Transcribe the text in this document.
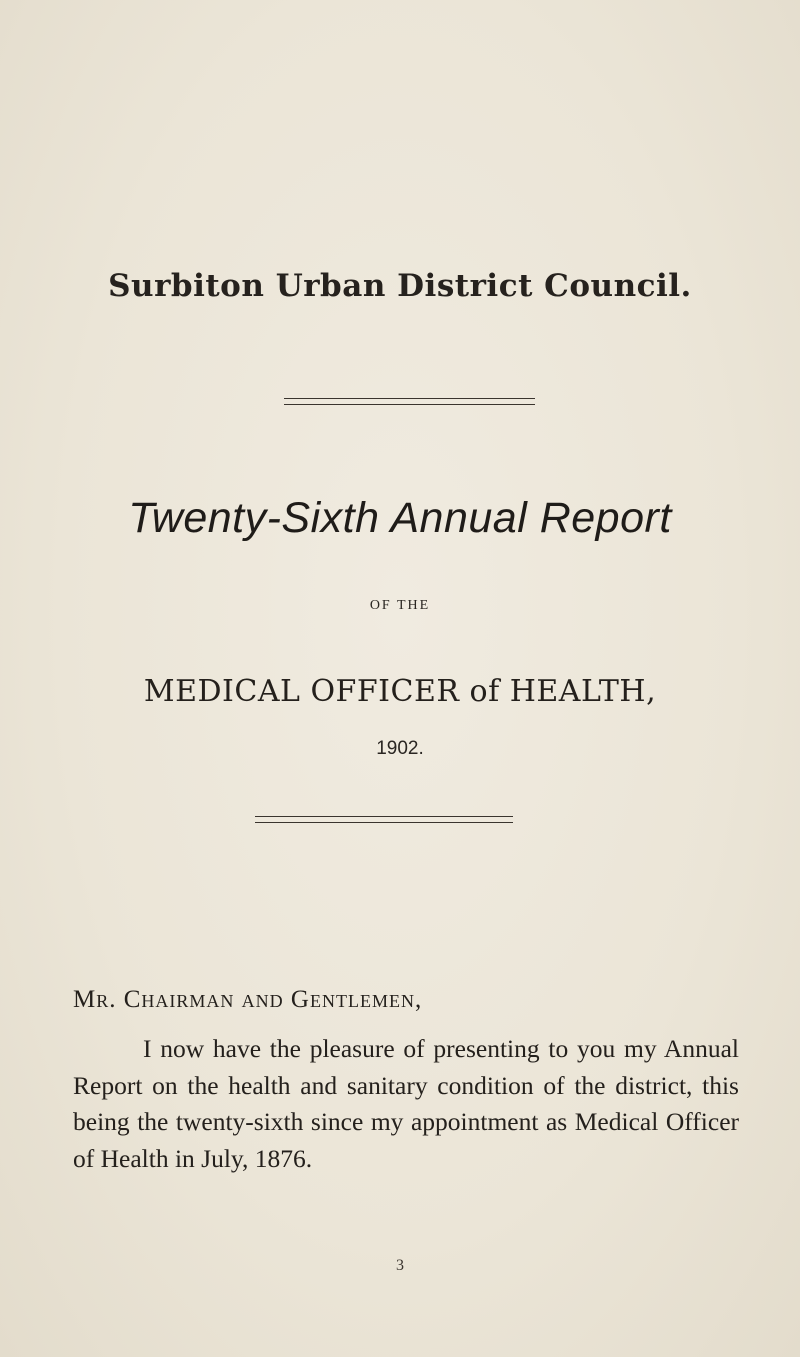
Surbiton Urban District Council.
Twenty-Sixth Annual Report
OF THE
MEDICAL OFFICER of HEALTH,
1902.
Mr. Chairman and Gentlemen,
I now have the pleasure of presenting to you my Annual Report on the health and sanitary condition of the district, this being the twenty-sixth since my appointment as Medical Officer of Health in July, 1876.
3
